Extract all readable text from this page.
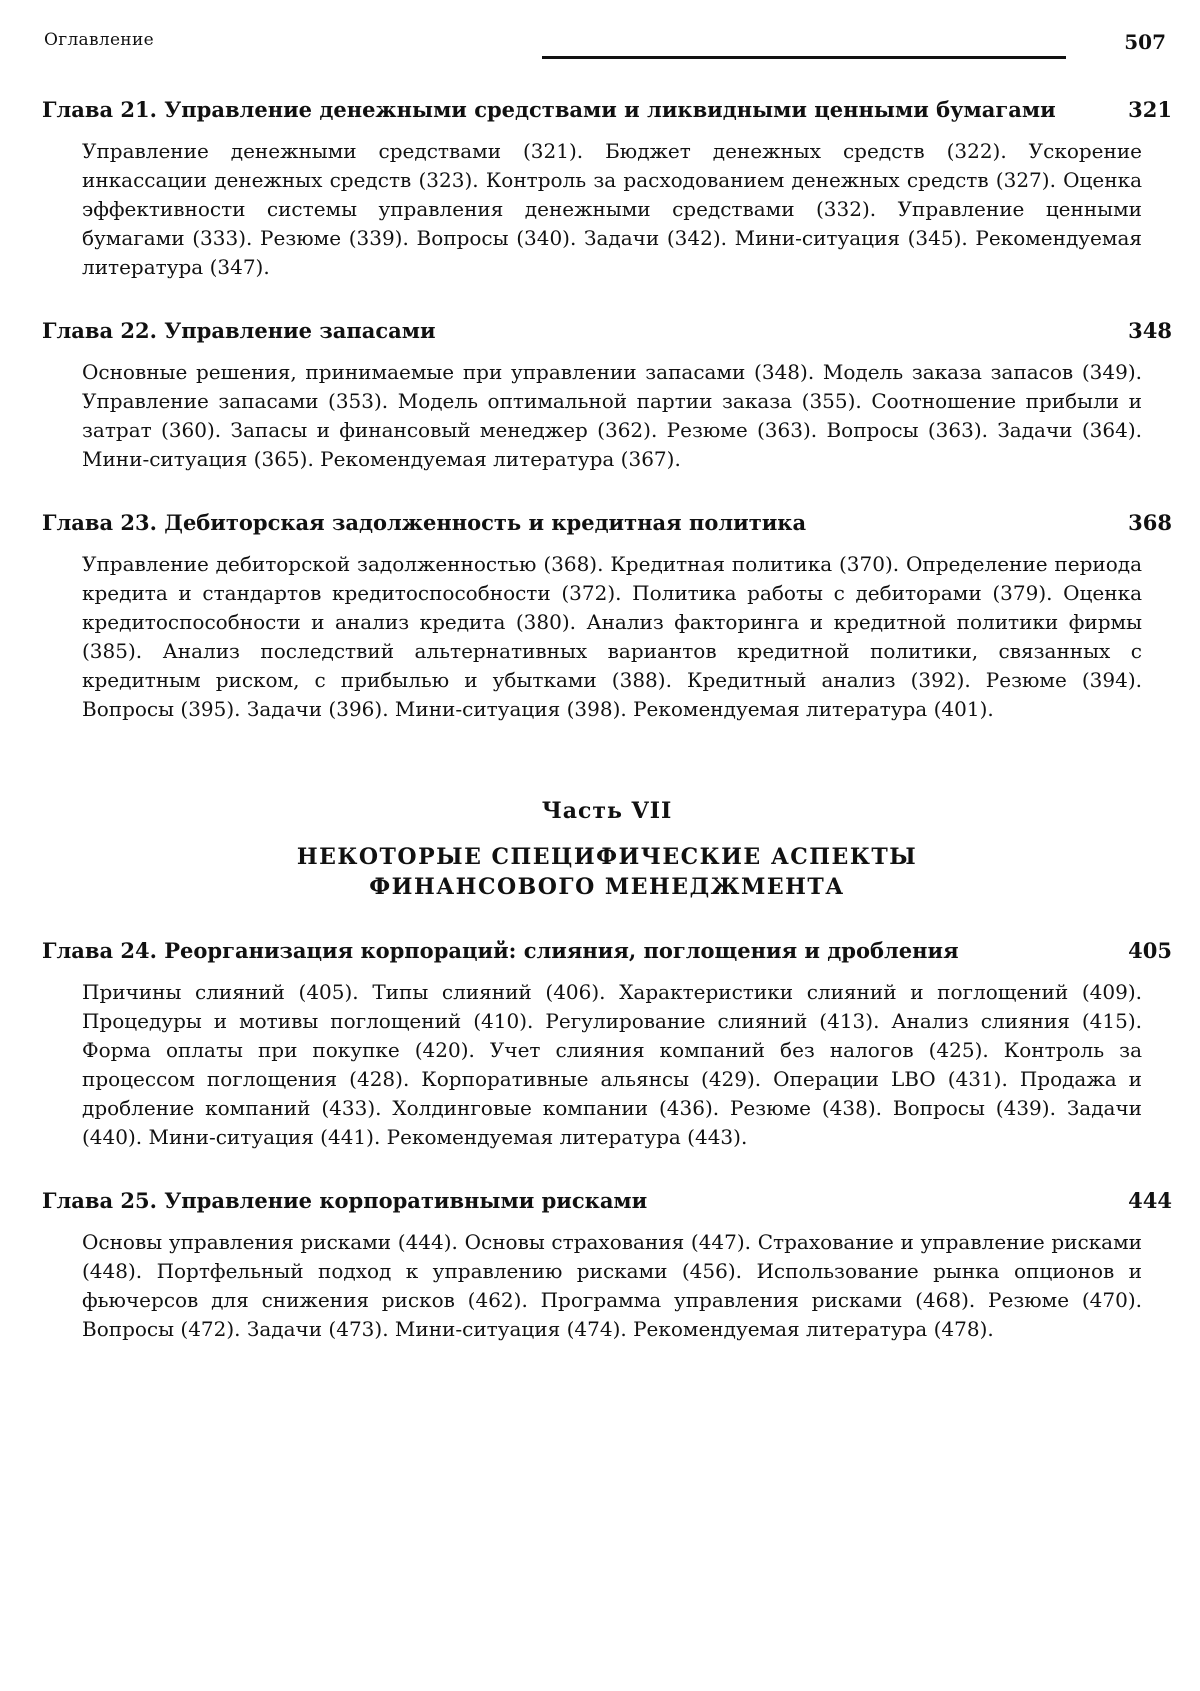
Оглавление	507
Глава 21. Управление денежными средствами и ликвидными ценными бумагами	321

Управление денежными средствами (321). Бюджет денежных средств (322). Ускорение инкассации денежных средств (323). Контроль за расходованием денежных средств (327). Оценка эффективности системы управления денежными средствами (332). Управление ценными бумагами (333). Резюме (339). Вопросы (340). Задачи (342). Мини-ситуация (345). Рекомендуемая литература (347).

Глава 22. Управление запасами	348

Основные решения, принимаемые при управлении запасами (348). Модель заказа запасов (349). Управление запасами (353). Модель оптимальной партии заказа (355). Соотношение прибыли и затрат (360). Запасы и финансовый менеджер (362). Резюме (363). Вопросы (363). Задачи (364). Мини-ситуация (365). Рекомендуемая литература (367).

Глава 23. Дебиторская задолженность и кредитная политика	368

Управление дебиторской задолженностью (368). Кредитная политика (370). Определение периода кредита и стандартов кредитоспособности (372). Политика работы с дебиторами (379). Оценка кредитоспособности и анализ кредита (380). Анализ факторинга и кредитной политики фирмы (385). Анализ последствий альтернативных вариантов кредитной политики, связанных с кредитным риском, с прибылью и убытками (388). Кредитный анализ (392). Резюме (394). Вопросы (395). Задачи (396). Мини-ситуация (398). Рекомендуемая литература (401).

Часть VII
НЕКОТОРЫЕ СПЕЦИФИЧЕСКИЕ АСПЕКТЫ
ФИНАНСОВОГО МЕНЕДЖМЕНТА
Глава 24. Реорганизация корпораций: слияния, поглощения и дробления	405

Причины слияний (405). Типы слияний (406). Характеристики слияний и поглощений (409). Процедуры и мотивы поглощений (410). Регулирование слияний (413). Анализ слияния (415). Форма оплаты при покупке (420). Учет слияния компаний без налогов (425). Контроль за процессом поглощения (428). Корпоративные альянсы (429). Операции LBO (431). Продажа и дробление компаний (433). Холдинговые компании (436). Резюме (438). Вопросы (439). Задачи (440). Мини-ситуация (441). Рекомендуемая литература (443).

Глава 25. Управление корпоративными рисками	444

Основы управления рисками (444). Основы страхования (447). Страхование и управление рисками (448). Портфельный подход к управлению рисками (456). Использование рынка опционов и фьючерсов для снижения рисков (462). Программа управления рисками (468). Резюме (470). Вопросы (472). Задачи (473). Мини-ситуация (474). Рекомендуемая литература (478).
